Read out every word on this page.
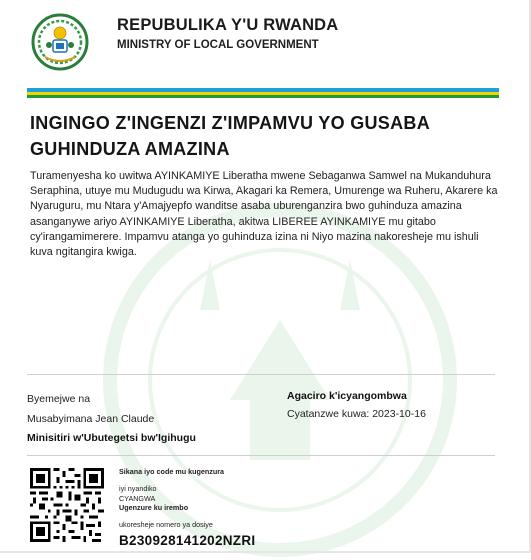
REPUBULIKA Y'U RWANDA
MINISTRY OF LOCAL GOVERNMENT
INGINGO Z'INGENZI Z'IMPAMVU YO GUSABA
GUHINDUZA AMAZINA
Turamenyesha ko uwitwa AYINKAMIYE Liberatha mwene Sebaganwa Samwel na Mukanduhura Seraphina, utuye mu Mudugudu wa Kirwa, Akagari ka Remera, Umurenge wa Ruheru, Akarere ka Nyaruguru, mu Ntara y'Amajyepfo wanditse asaba uburenganzira bwo guhinduza amazina asanganywe ariyo AYINKAMIYE Liberatha, akitwa LIBEREE AYINKAMIYE mu gitabo cy'irangamimerere. Impamvu atanga yo guhinduza izina ni Niyo mazina nakoresheje mu ishuli kuva ngitangira kwiga.
Byemejwe na
Musabyimana Jean Claude
Minisitiri w'Ubutegetsi bw'Igihugu
Agaciro k'icyangombwa
Cyatanzwe kuwa: 2023-10-16
Sikana iyo code mu kugenzura
iyi nyandiko
CYANGWA
Ugenzure ku irembo
ukoresheje nomero ya dosiye
B230928141202NZRI
